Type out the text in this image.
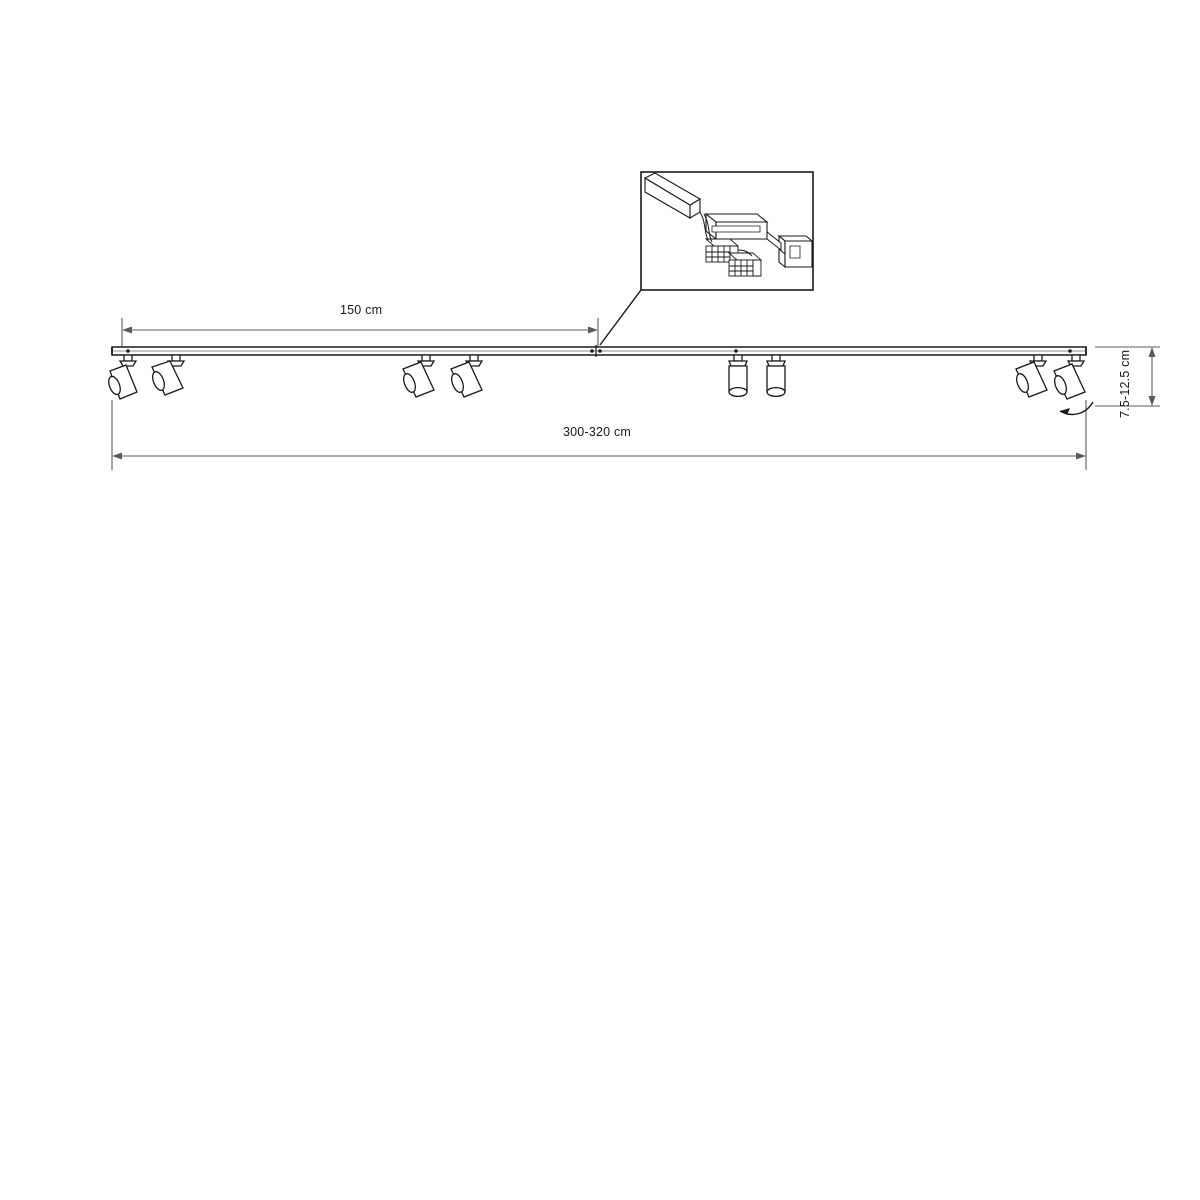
150 cm
300-320 cm
7.5-12.5 cm
